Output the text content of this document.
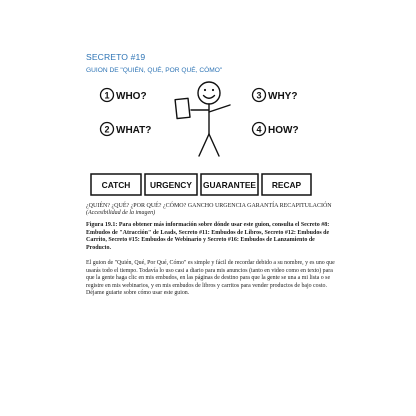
SECRETO #19
GUION DE "QUIÉN, QUÉ, POR QUÉ, CÓMO"
1 WHO?
2 WHAT?
3 WHY?
4 HOW?
CATCH URGENCY GUARANTEE RECAP
¿QUIÉN? ¿QUÉ? ¿POR QUÉ? ¿CÓMO? GANCHO URGENCIA GARANTÍA RECAPITULACIÓN
(Accesibilidad de la imagen)
Figura 19.1: Para obtener más información sobre dónde usar este guion, consulta el Secreto #8: Embudos de "Atracción" de Leads, Secreto #11: Embudos de Libros, Secreto #12: Embudos de Carrito, Secreto #15: Embudos de Webinario y Secreto #16: Embudos de Lanzamiento de Producto.
El guion de "Quién, Qué, Por Qué, Cómo" es simple y fácil de recordar debido a su nombre, y es uno que usarás todo el tiempo. Todavía lo uso casi a diario para mis anuncios (tanto en video como en texto) para que la gente haga clic en mis embudos, en las páginas de destino para que la gente se una a mi lista o se registre en mis webinarios, y en mis embudos de libros y carritos para vender productos de bajo costo. Déjame guiarte sobre cómo usar este guion.
